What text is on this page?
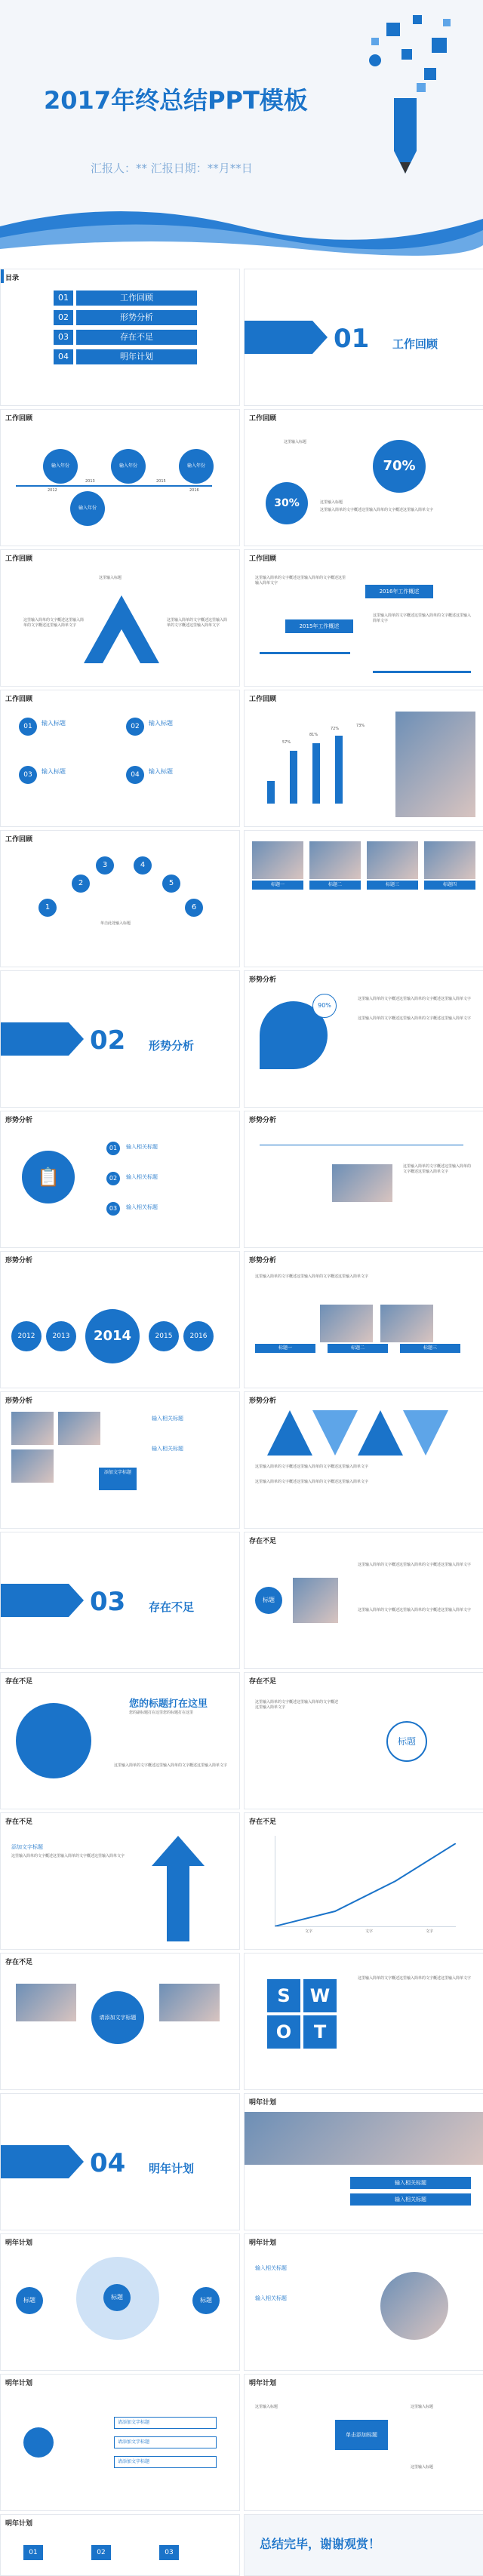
2017年终总结PPT模板
汇报人：** 汇报日期：**月**日
目录
01	工作回顾
02	形势分析
03	存在不足
04	明年计划
01 工作回顾
工作回顾
输入年份
输入年份
输入年份	输入年份
2012
2013	2015
2016
工作回顾
这里输入标题
70%
30%	这里输入标题
这里输入简单的文字概述这里输入简单的文字概述这里输入简单文字
工作回顾
这里输入标题
这里输入简单的文字概述这里输入简单的文字概述这里输入简单文字
这里输入简单的文字概述这里输入简单的文字概述这里输入简单文字
工作回顾
这里输入简单的文字概述这里输入简单的文字概述这里输入简单文字
2016年工作概述
2015年工作概述
这里输入简单的文字概述这里输入简单的文字概述这里输入简单文字
工作回顾
01	输入标题	02	输入标题
03	输入标题	04	输入标题
工作回顾
57%
81%
72%
73%
工作回顾
1
2
3	4
5
6
单击此处输入标题
标题一	标题二	标题三	标题四
02 形势分析
形势分析
90%
这里输入简单的文字概述这里输入简单的文字概述这里输入简单文字
这里输入简单的文字概述这里输入简单的文字概述这里输入简单文字
形势分析
📋
01	输入相关标题
02	输入相关标题
03	输入相关标题
形势分析
这里输入简单的文字概述这里输入简单的文字概述这里输入简单文字
形势分析
2012	2013	2014	2015	2016
形势分析
这里输入简单的文字概述这里输入简单的文字概述这里输入简单文字
标题一	标题二	标题三
形势分析
添加文字标题
输入相关标题
输入相关标题
形势分析
这里输入简单的文字概述这里输入简单的文字概述这里输入简单文字
这里输入简单的文字概述这里输入简单的文字概述这里输入简单文字
03 存在不足
存在不足
标题
这里输入简单的文字概述这里输入简单的文字概述这里输入简单文字
这里输入简单的文字概述这里输入简单的文字概述这里输入简单文字
存在不足
您的标题打在这里
您的副标题打在这里您的标题打在这里
这里输入简单的文字概述这里输入简单的文字概述这里输入简单文字
存在不足
这里输入简单的文字概述这里输入简单的文字概述这里输入简单文字
标题
存在不足
添加文字标题
这里输入简单的文字概述这里输入简单的文字概述这里输入简单文字
存在不足
文字	文字	文字
存在不足
请添加文字标题
S	W
O	T
这里输入简单的文字概述这里输入简单的文字概述这里输入简单文字
04 明年计划
明年计划
输入相关标题
输入相关标题
明年计划
标题	标题	标题
明年计划
输入相关标题
输入相关标题
明年计划
请添加文字标题
请添加文字标题
请添加文字标题
明年计划
单击添加标题
这里输入标题	这里输入标题
这里输入标题
明年计划
01	02	03
总结完毕，谢谢观赏！
